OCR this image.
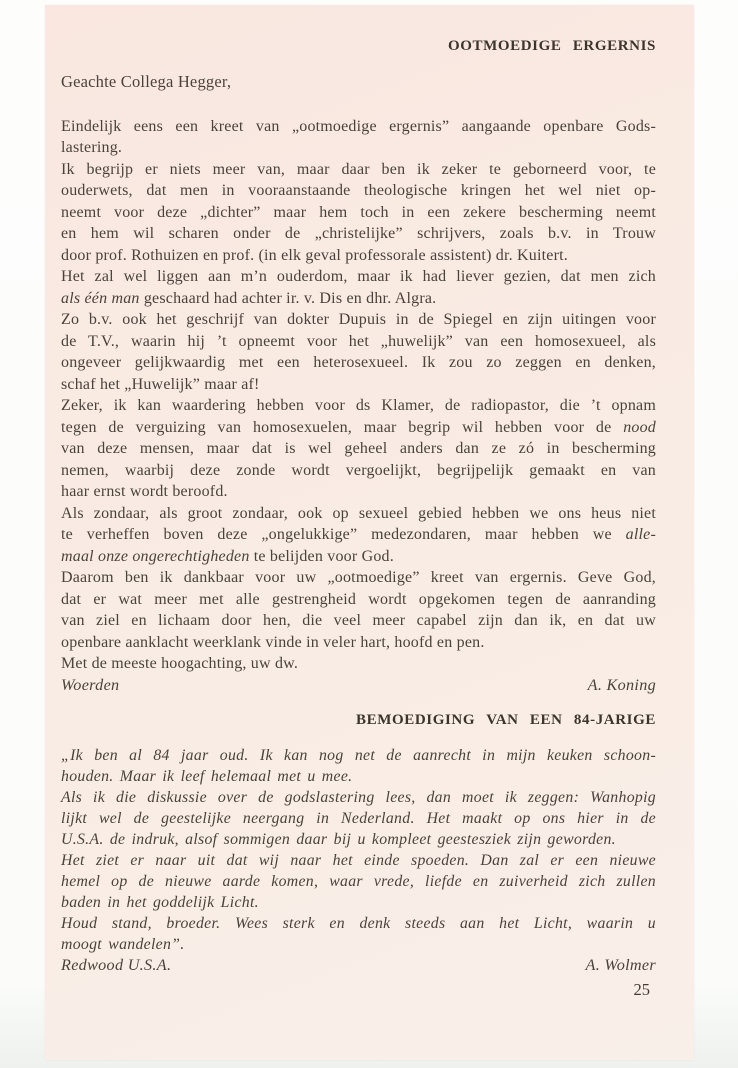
OOTMOEDIGE ERGERNIS
Geachte Collega Hegger,
Eindelijk eens een kreet van „ootmoedige ergernis” aangaande openbare Gods-
lastering.
Ik begrijp er niets meer van, maar daar ben ik zeker te geborneerd voor, te
ouderwets, dat men in vooraanstaande theologische kringen het wel niet op-
neemt voor deze „dichter” maar hem toch in een zekere bescherming neemt
en hem wil scharen onder de „christelijke” schrijvers, zoals b.v. in Trouw
door prof. Rothuizen en prof. (in elk geval professorale assistent) dr. Kuitert.
Het zal wel liggen aan m’n ouderdom, maar ik had liever gezien, dat men zich
als één man geschaard had achter ir. v. Dis en dhr. Algra.
Zo b.v. ook het geschrijf van dokter Dupuis in de Spiegel en zijn uitingen voor
de T.V., waarin hij ’t opneemt voor het „huwelijk” van een homosexueel, als
ongeveer gelijkwaardig met een heterosexueel. Ik zou zo zeggen en denken,
schaf het „Huwelijk” maar af!
Zeker, ik kan waardering hebben voor ds Klamer, de radiopastor, die ’t opnam
tegen de verguizing van homosexuelen, maar begrip wil hebben voor de nood
van deze mensen, maar dat is wel geheel anders dan ze zó in bescherming
nemen, waarbij deze zonde wordt vergoelijkt, begrijpelijk gemaakt en van
haar ernst wordt beroofd.
Als zondaar, als groot zondaar, ook op sexueel gebied hebben we ons heus niet
te verheffen boven deze „ongelukkige” medezondaren, maar hebben we alle-
maal onze ongerechtigheden te belijden voor God.
Daarom ben ik dankbaar voor uw „ootmoedige” kreet van ergernis. Geve God,
dat er wat meer met alle gestrengheid wordt opgekomen tegen de aanranding
van ziel en lichaam door hen, die veel meer capabel zijn dan ik, en dat uw
openbare aanklacht weerklank vinde in veler hart, hoofd en pen.
Met de meeste hoogachting, uw dw.
Woerden	A. Koning
BEMOEDIGING VAN EEN 84-JARIGE
„Ik ben al 84 jaar oud. Ik kan nog net de aanrecht in mijn keuken schoon-
houden. Maar ik leef helemaal met u mee.
Als ik die diskussie over de godslastering lees, dan moet ik zeggen: Wanhopig
lijkt wel de geestelijke neergang in Nederland. Het maakt op ons hier in de
U.S.A. de indruk, alsof sommigen daar bij u kompleet geestesziek zijn geworden.
Het ziet er naar uit dat wij naar het einde spoeden. Dan zal er een nieuwe
hemel op de nieuwe aarde komen, waar vrede, liefde en zuiverheid zich zullen
baden in het goddelijk Licht.
Houd stand, broeder. Wees sterk en denk steeds aan het Licht, waarin u
moogt wandelen”.
Redwood U.S.A.	A. Wolmer
25
